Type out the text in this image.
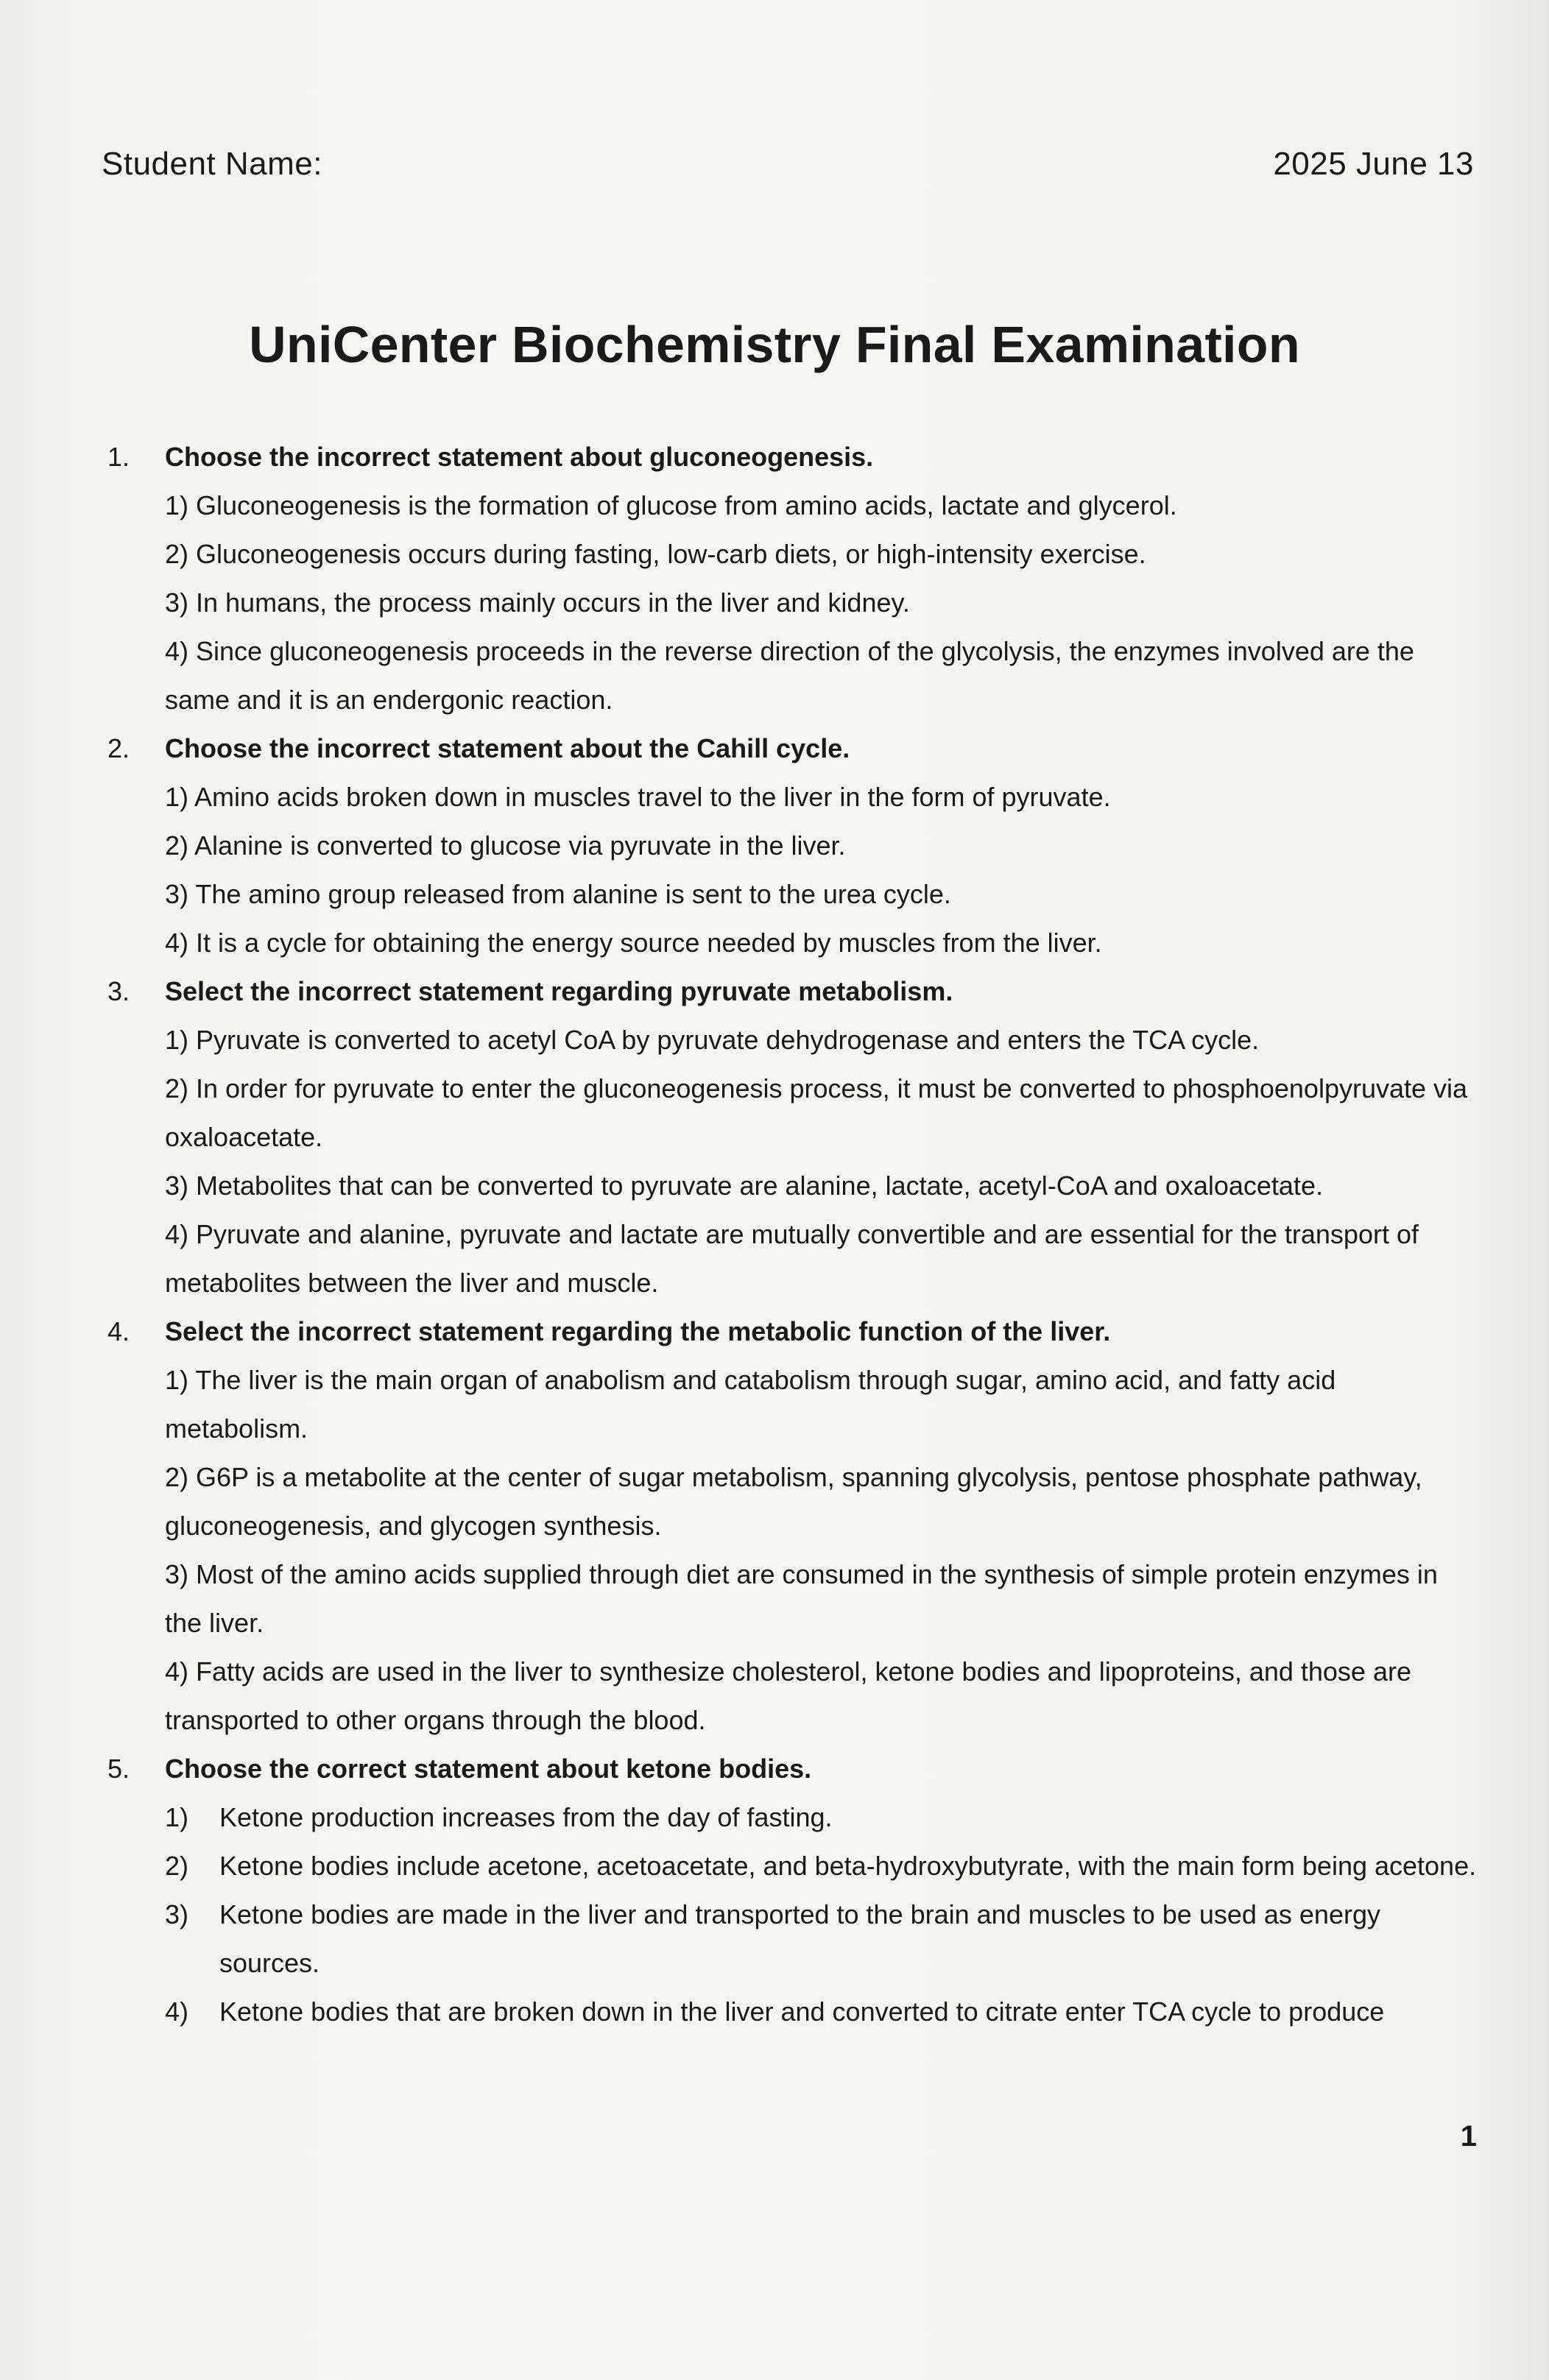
Student Name:	2025 June 13
UniCenter Biochemistry Final Examination
1. Choose the incorrect statement about gluconeogenesis.
1) Gluconeogenesis is the formation of glucose from amino acids, lactate and glycerol.
2) Gluconeogenesis occurs during fasting, low-carb diets, or high-intensity exercise.
3) In humans, the process mainly occurs in the liver and kidney.
4) Since gluconeogenesis proceeds in the reverse direction of the glycolysis, the enzymes involved are the same and it is an endergonic reaction.
2. Choose the incorrect statement about the Cahill cycle.
1) Amino acids broken down in muscles travel to the liver in the form of pyruvate.
2) Alanine is converted to glucose via pyruvate in the liver.
3) The amino group released from alanine is sent to the urea cycle.
4) It is a cycle for obtaining the energy source needed by muscles from the liver.
3. Select the incorrect statement regarding pyruvate metabolism.
1) Pyruvate is converted to acetyl CoA by pyruvate dehydrogenase and enters the TCA cycle.
2) In order for pyruvate to enter the gluconeogenesis process, it must be converted to phosphoenolpyruvate via oxaloacetate.
3) Metabolites that can be converted to pyruvate are alanine, lactate, acetyl-CoA and oxaloacetate.
4) Pyruvate and alanine, pyruvate and lactate are mutually convertible and are essential for the transport of metabolites between the liver and muscle.
4. Select the incorrect statement regarding the metabolic function of the liver.
1) The liver is the main organ of anabolism and catabolism through sugar, amino acid, and fatty acid metabolism.
2) G6P is a metabolite at the center of sugar metabolism, spanning glycolysis, pentose phosphate pathway, gluconeogenesis, and glycogen synthesis.
3) Most of the amino acids supplied through diet are consumed in the synthesis of simple protein enzymes in the liver.
4) Fatty acids are used in the liver to synthesize cholesterol, ketone bodies and lipoproteins, and those are transported to other organs through the blood.
5. Choose the correct statement about ketone bodies.
1) Ketone production increases from the day of fasting.
2) Ketone bodies include acetone, acetoacetate, and beta-hydroxybutyrate, with the main form being acetone.
3) Ketone bodies are made in the liver and transported to the brain and muscles to be used as energy sources.
4) Ketone bodies that are broken down in the liver and converted to citrate enter TCA cycle to produce
1
